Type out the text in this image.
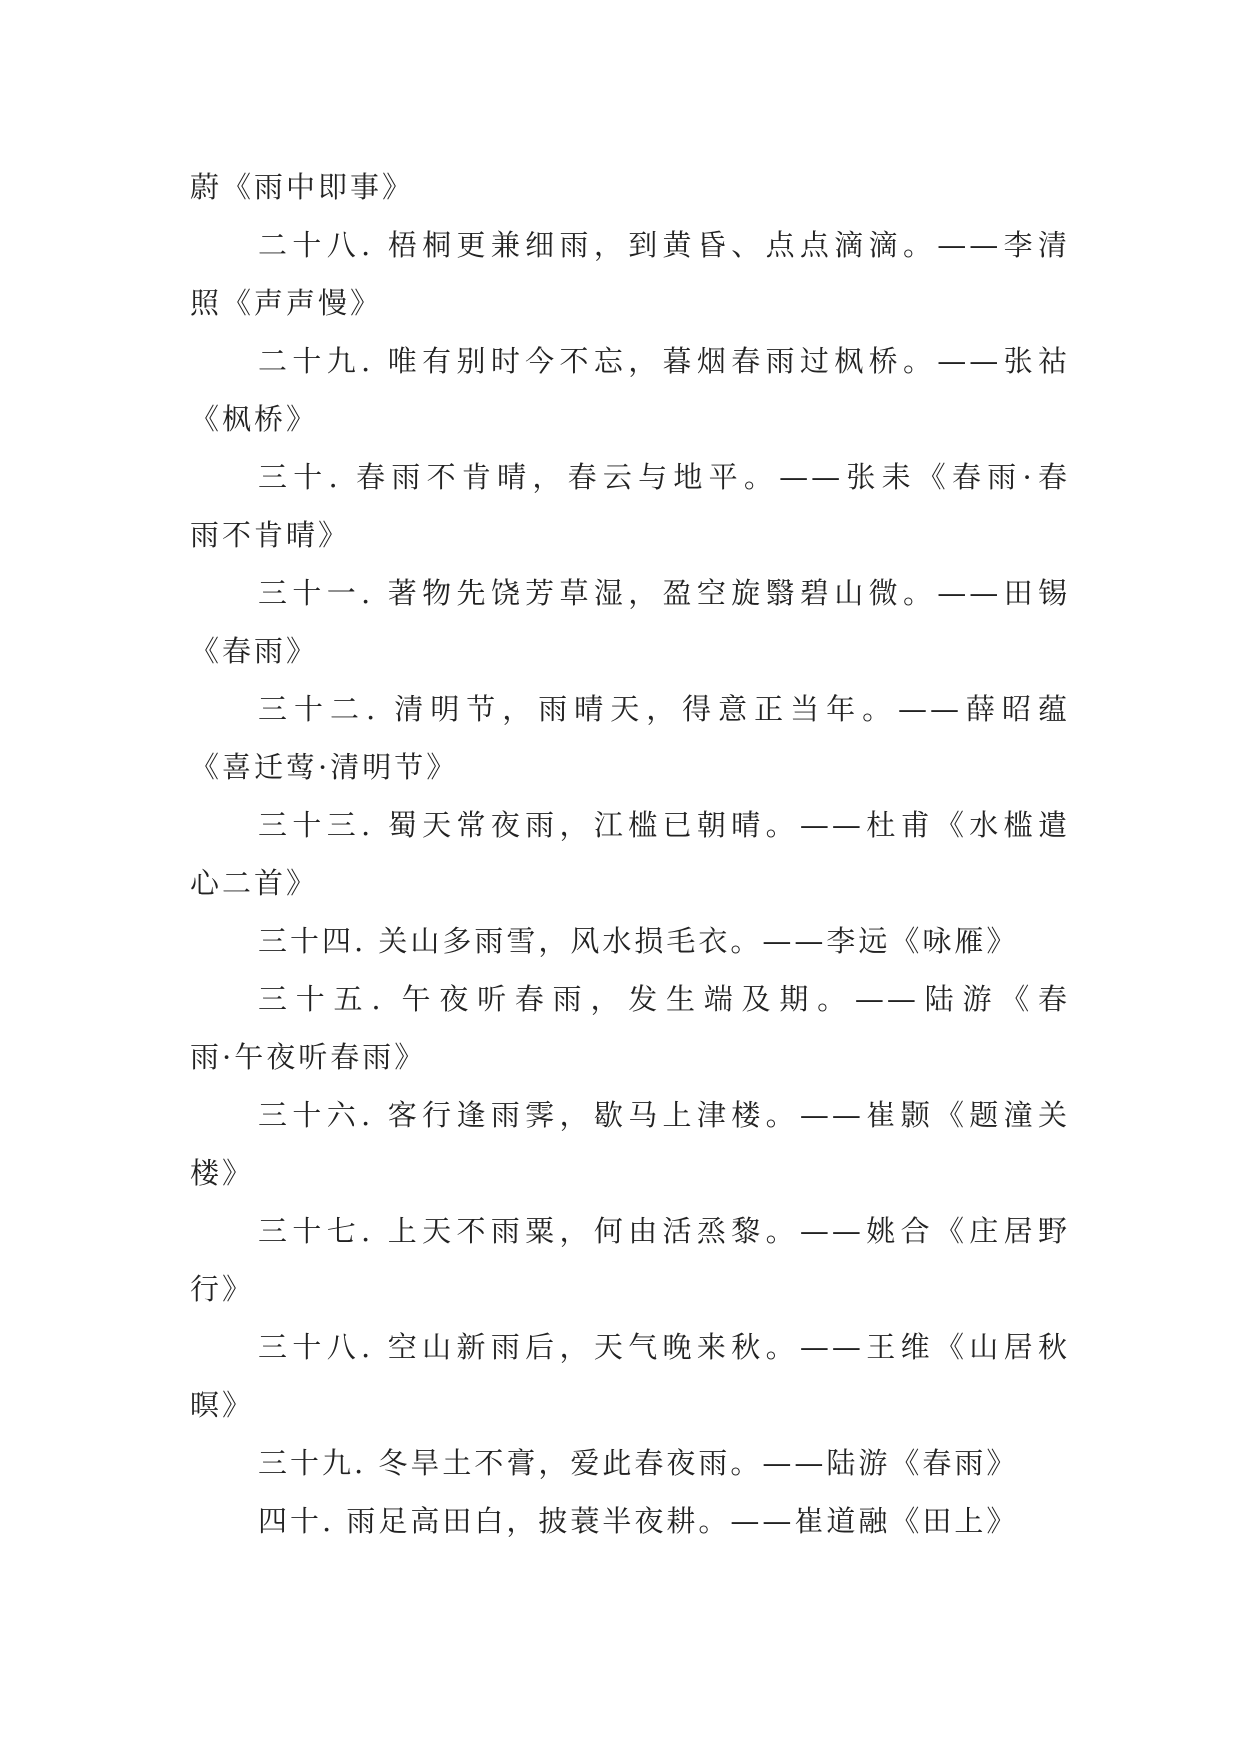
蔚《雨中即事》
二十八. 梧桐更兼细雨，到黄昏、点点滴滴。——李清
照《声声慢》
二十九. 唯有别时今不忘，暮烟春雨过枫桥。——张祜
《枫桥》
三十. 春雨不肯晴，春云与地平。——张耒《春雨·春
雨不肯晴》
三十一. 著物先饶芳草湿，盈空旋翳碧山微。——田锡
《春雨》
三十二. 清明节，雨晴天，得意正当年。——薛昭蕴
《喜迁莺·清明节》
三十三. 蜀天常夜雨，江槛已朝晴。——杜甫《水槛遣
心二首》
三十四. 关山多雨雪，风水损毛衣。——李远《咏雁》
三十五. 午夜听春雨，发生端及期。——陆游《春
雨·午夜听春雨》
三十六. 客行逢雨霁，歇马上津楼。——崔颢《题潼关
楼》
三十七. 上天不雨粟，何由活烝黎。——姚合《庄居野
行》
三十八. 空山新雨后，天气晚来秋。——王维《山居秋
暝》
三十九. 冬旱土不膏，爱此春夜雨。——陆游《春雨》
四十. 雨足高田白，披蓑半夜耕。——崔道融《田上》
